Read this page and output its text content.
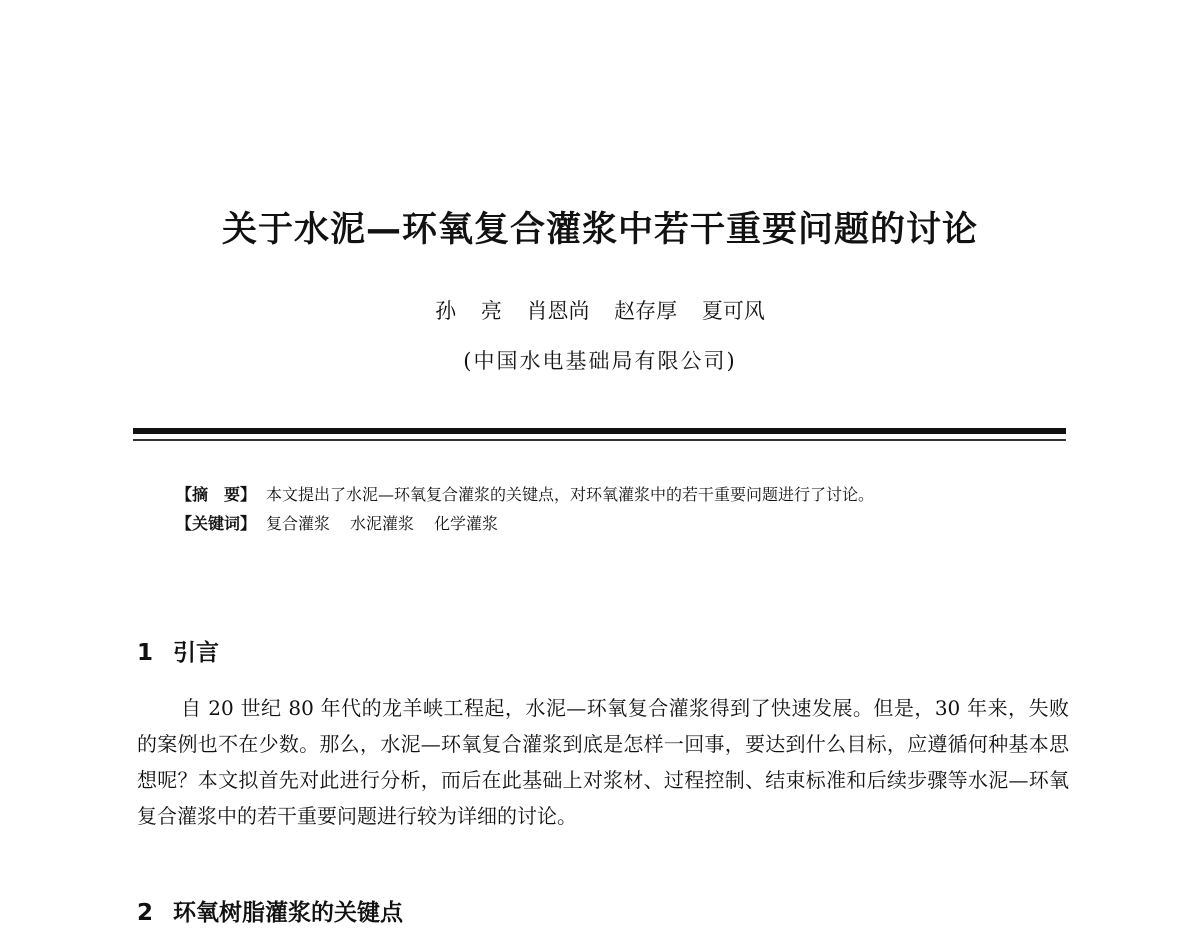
关于水泥—环氧复合灌浆中若干重要问题的讨论
孙 亮 肖恩尚 赵存厚 夏可风
(中国水电基础局有限公司)
【摘　要】 本文提出了水泥—环氧复合灌浆的关键点，对环氧灌浆中的若干重要问题进行了讨论。
【关键词】 复合灌浆 水泥灌浆 化学灌浆
1 引言

自 20 世纪 80 年代的龙羊峡工程起，水泥—环氧复合灌浆得到了快速发展。但是，30 年来，失败的案例也不在少数。那么，水泥—环氧复合灌浆到底是怎样一回事，要达到什么目标，应遵循何种基本思想呢？本文拟首先对此进行分析，而后在此基础上对浆材、过程控制、结束标准和后续步骤等水泥—环氧复合灌浆中的若干重要问题进行较为详细的讨论。

2 环氧树脂灌浆的关键点
